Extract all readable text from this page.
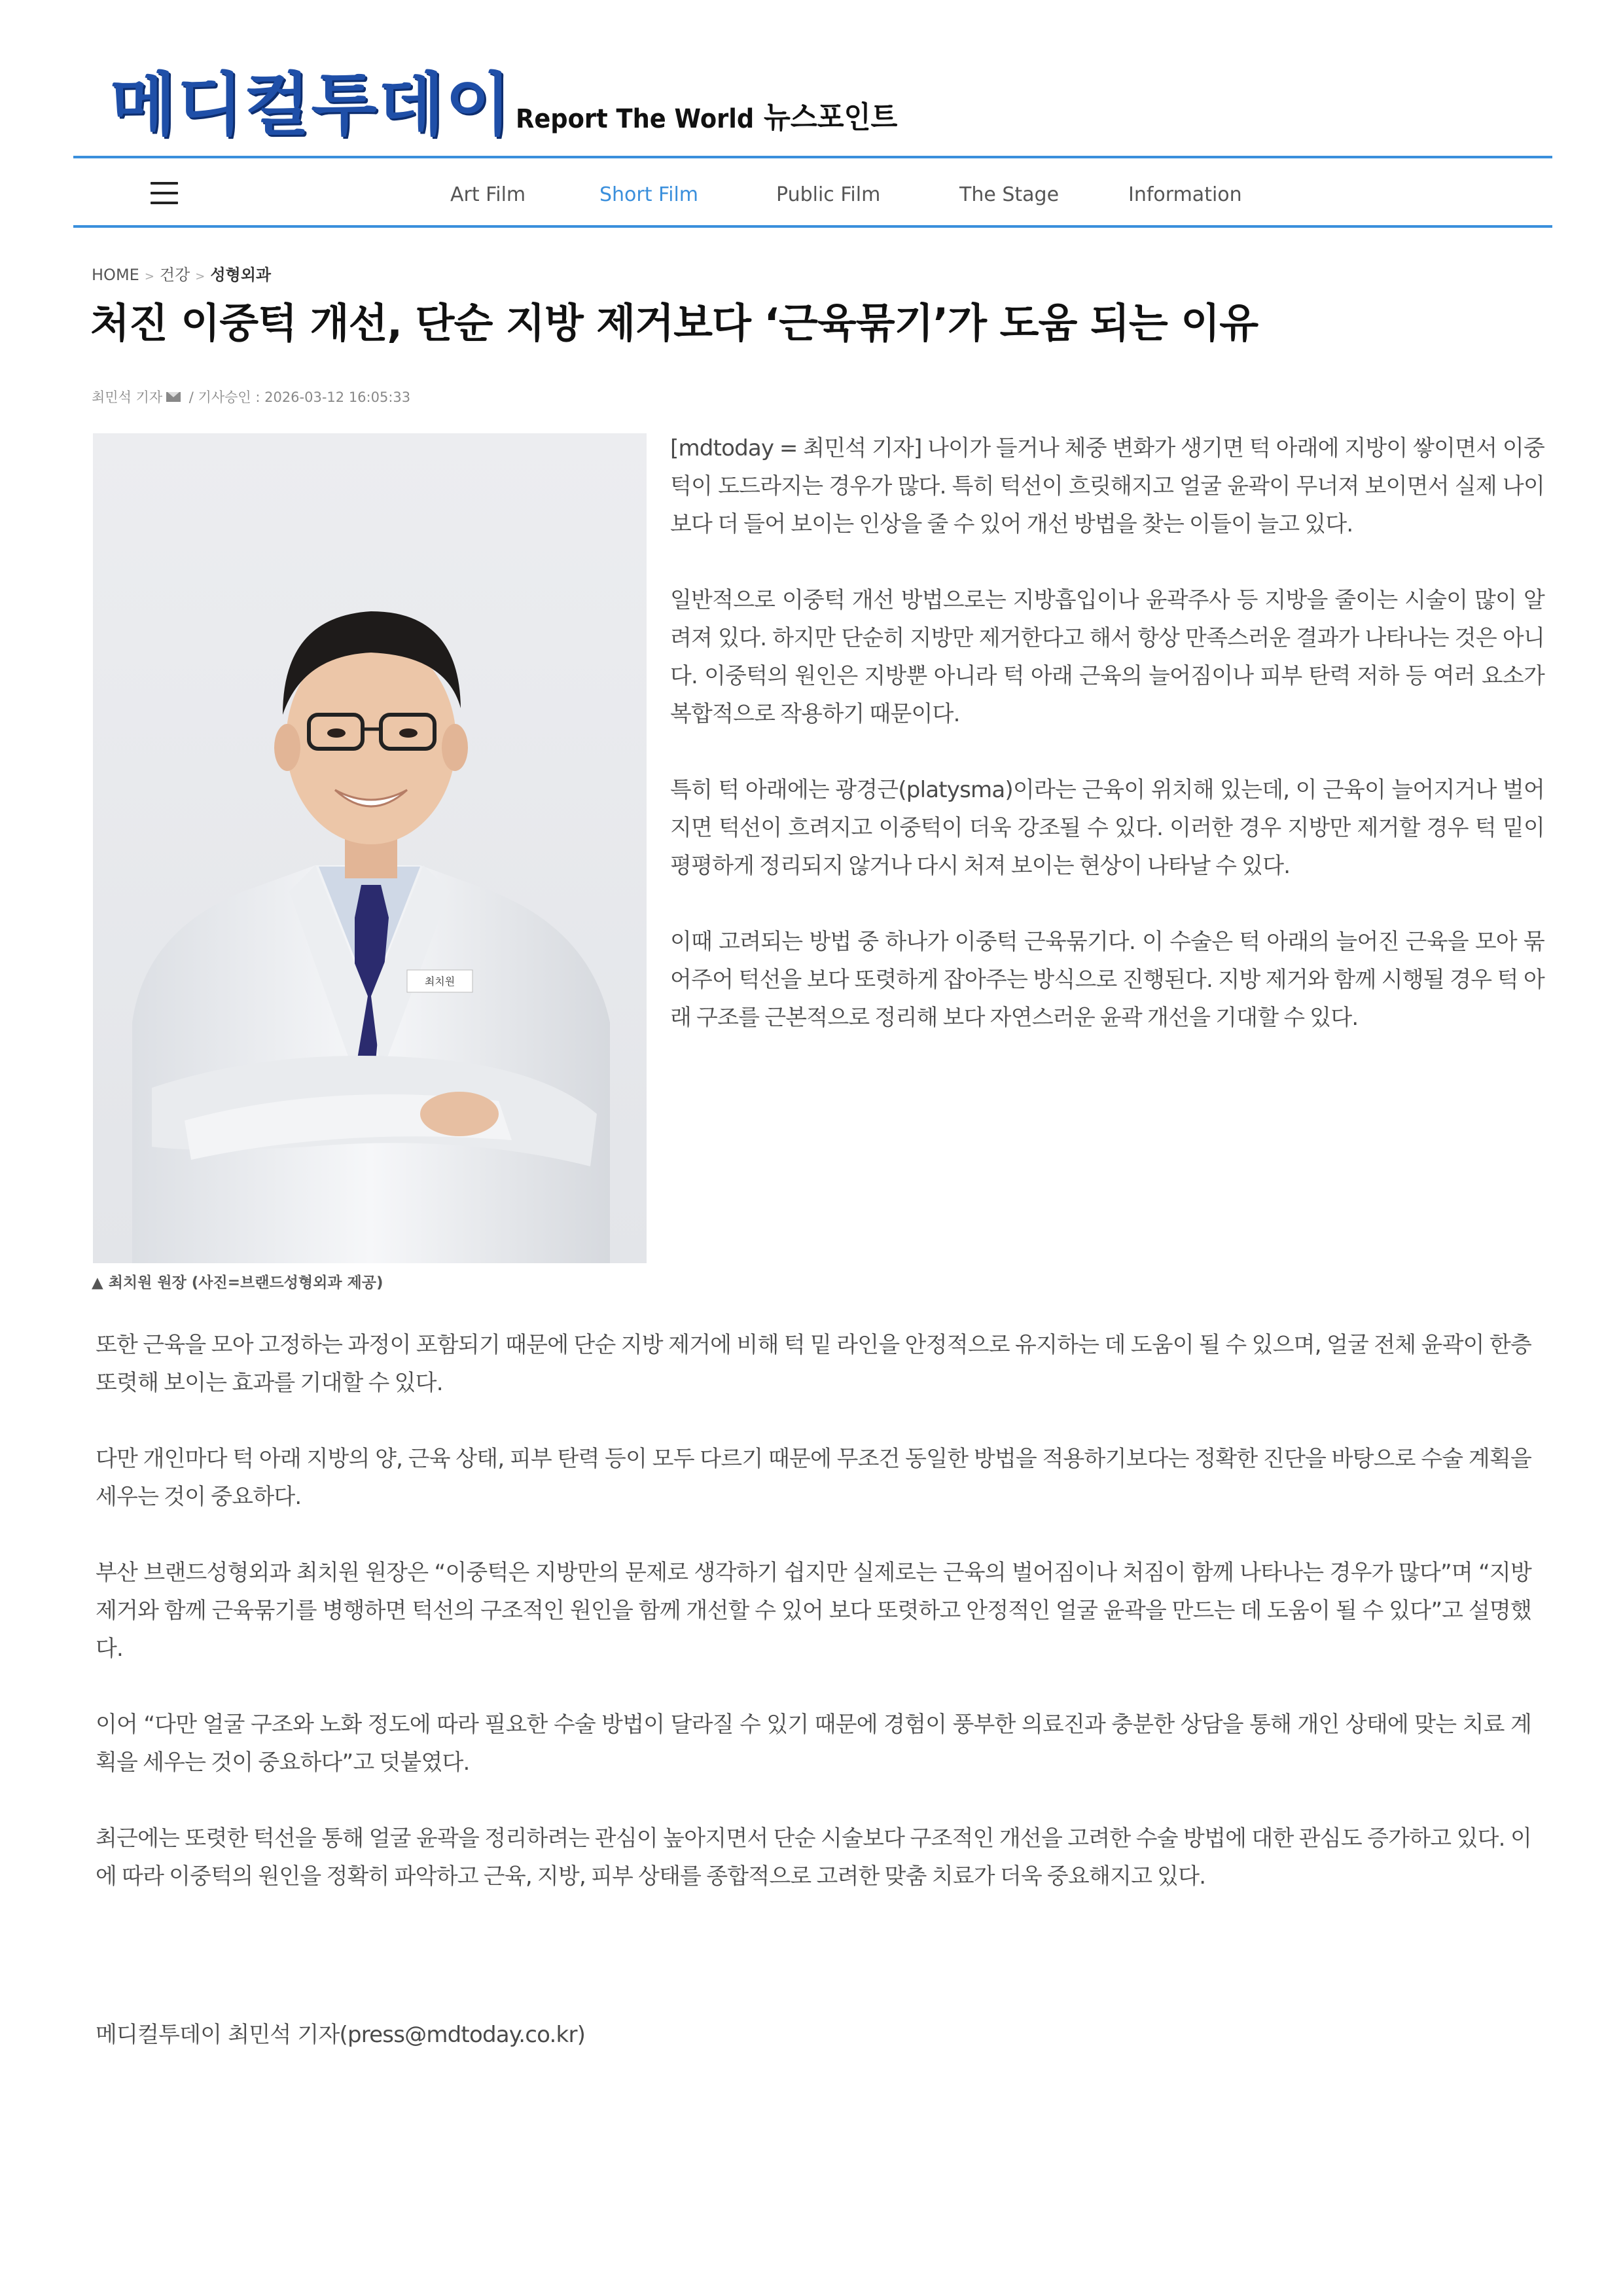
메디컬투데이 Report The World 뉴스포인트
Art Film	Short Film	Public Film	The Stage	Information
HOME > 건강 > 성형외과
처진 이중턱 개선, 단순 지방 제거보다 ‘근육묶기’가 도움 되는 이유
최민석 기자 / 기사승인 : 2026-03-12 16:05:33
최치원
▲ 최치원 원장 (사진=브랜드성형외과 제공)

[mdtoday = 최민석 기자] 나이가 들거나 체중 변화가 생기면 턱 아래에 지방이 쌓이면서 이중턱이 도드라지는 경우가 많다. 특히 턱선이 흐릿해지고 얼굴 윤곽이 무너져 보이면서 실제 나이보다 더 들어 보이는 인상을 줄 수 있어 개선 방법을 찾는 이들이 늘고 있다.

일반적으로 이중턱 개선 방법으로는 지방흡입이나 윤곽주사 등 지방을 줄이는 시술이 많이 알려져 있다. 하지만 단순히 지방만 제거한다고 해서 항상 만족스러운 결과가 나타나는 것은 아니다. 이중턱의 원인은 지방뿐 아니라 턱 아래 근육의 늘어짐이나 피부 탄력 저하 등 여러 요소가 복합적으로 작용하기 때문이다.

특히 턱 아래에는 광경근(platysma)이라는 근육이 위치해 있는데, 이 근육이 늘어지거나 벌어지면 턱선이 흐려지고 이중턱이 더욱 강조될 수 있다. 이러한 경우 지방만 제거할 경우 턱 밑이 평평하게 정리되지 않거나 다시 처져 보이는 현상이 나타날 수 있다.

이때 고려되는 방법 중 하나가 이중턱 근육묶기다. 이 수술은 턱 아래의 늘어진 근육을 모아 묶어주어 턱선을 보다 또렷하게 잡아주는 방식으로 진행된다. 지방 제거와 함께 시행될 경우 턱 아래 구조를 근본적으로 정리해 보다 자연스러운 윤곽 개선을 기대할 수 있다.

또한 근육을 모아 고정하는 과정이 포함되기 때문에 단순 지방 제거에 비해 턱 밑 라인을 안정적으로 유지하는 데 도움이 될 수 있으며, 얼굴 전체 윤곽이 한층 또렷해 보이는 효과를 기대할 수 있다.

다만 개인마다 턱 아래 지방의 양, 근육 상태, 피부 탄력 등이 모두 다르기 때문에 무조건 동일한 방법을 적용하기보다는 정확한 진단을 바탕으로 수술 계획을 세우는 것이 중요하다.

부산 브랜드성형외과 최치원 원장은 “이중턱은 지방만의 문제로 생각하기 쉽지만 실제로는 근육의 벌어짐이나 처짐이 함께 나타나는 경우가 많다”며 “지방 제거와 함께 근육묶기를 병행하면 턱선의 구조적인 원인을 함께 개선할 수 있어 보다 또렷하고 안정적인 얼굴 윤곽을 만드는 데 도움이 될 수 있다”고 설명했다.

이어 “다만 얼굴 구조와 노화 정도에 따라 필요한 수술 방법이 달라질 수 있기 때문에 경험이 풍부한 의료진과 충분한 상담을 통해 개인 상태에 맞는 치료 계획을 세우는 것이 중요하다”고 덧붙였다.

최근에는 또렷한 턱선을 통해 얼굴 윤곽을 정리하려는 관심이 높아지면서 단순 시술보다 구조적인 개선을 고려한 수술 방법에 대한 관심도 증가하고 있다. 이에 따라 이중턱의 원인을 정확히 파악하고 근육, 지방, 피부 상태를 종합적으로 고려한 맞춤 치료가 더욱 중요해지고 있다.

메디컬투데이 최민석 기자(press@mdtoday.co.kr)
